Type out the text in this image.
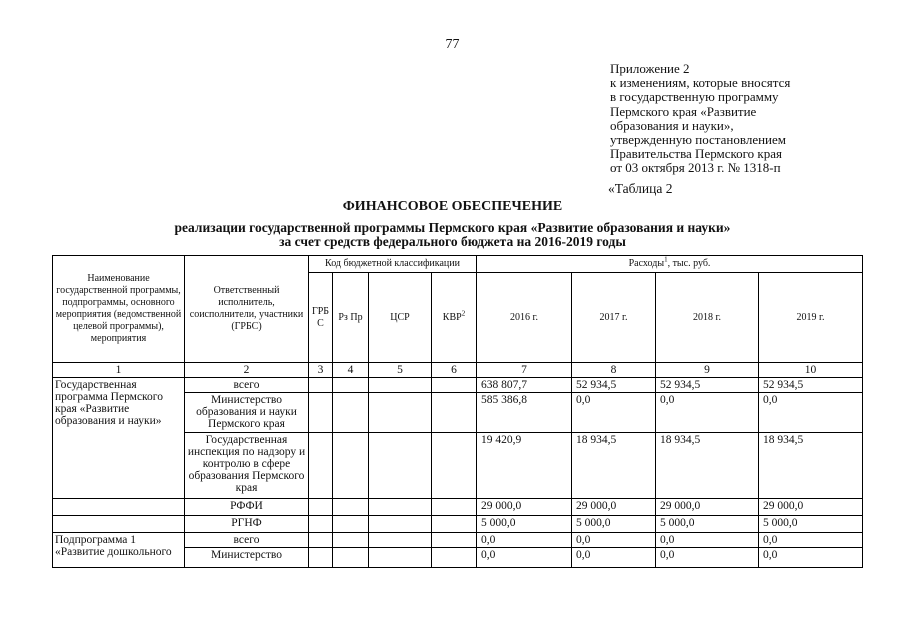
77
Приложение 2
к изменениям, которые вносятся
в государственную программу
Пермского края «Развитие
образования и науки»,
утвержденную постановлением
Правительства Пермского края
от 03 октября 2013 г. № 1318-п
«Таблица 2
ФИНАНСОВОЕ ОБЕСПЕЧЕНИЕ
реализации государственной программы Пермского края «Развитие образования и науки»
за счет средств федерального бюджета на 2016-2019 годы
Наименование государственной программы, подпрограммы, основного мероприятия (ведомственной целевой программы), мероприятия	Ответственный исполнитель, соисполнители, участники (ГРБС)	Код бюджетной классификации				Расходы$^1$, тыс. руб.			
		ГРБС	Рз Пр	ЦСР	КВР$^2$	2016 г.	2017 г.	2018 г.	2019 г.
1	2	3	4	5	6	7	8	9	10
Государственная программа Пермского края «Развитие образования и науки»	всего					638 807,7	52 934,5	52 934,5	52 934,5
	Министерство образования и науки Пермского края					585 386,8	0,0	0,0	0,0
	Государственная инспекция по надзору и контролю в сфере образования Пермского края					19 420,9	18 934,5	18 934,5	18 934,5
	РФФИ					29 000,0	29 000,0	29 000,0	29 000,0
	РГНФ					5 000,0	5 000,0	5 000,0	5 000,0
Подпрограмма 1 «Развитие дошкольного	всего					0,0	0,0	0,0	0,0
	Министерство					0,0	0,0	0,0	0,0
